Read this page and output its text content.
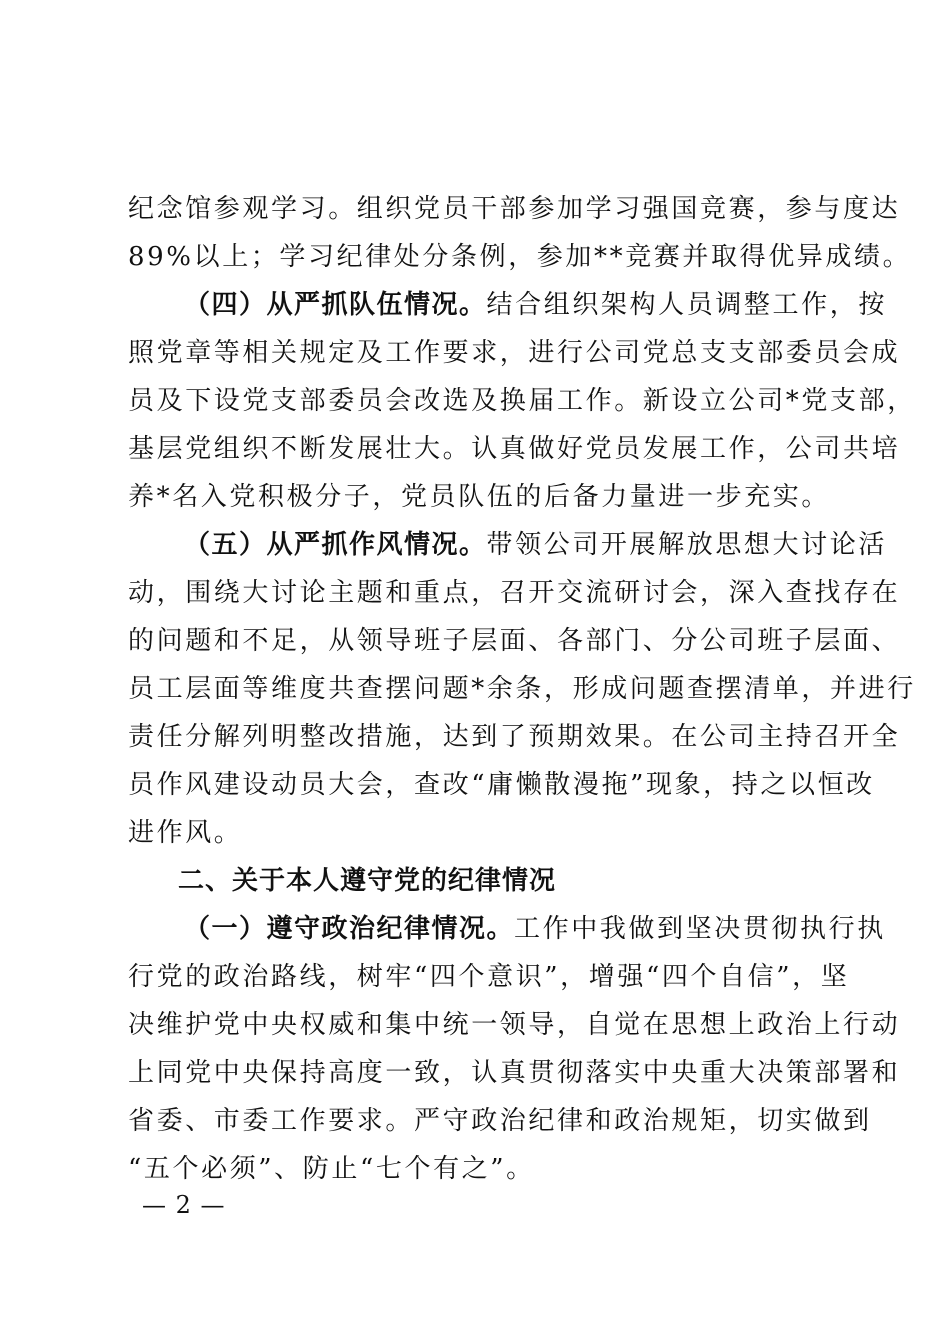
纪念馆参观学习。组织党员干部参加学习强国竞赛，参与度达
89%以上；学习纪律处分条例，参加**竞赛并取得优异成绩。
（四）从严抓队伍情况。结合组织架构人员调整工作，按
照党章等相关规定及工作要求，进行公司党总支支部委员会成
员及下设党支部委员会改选及换届工作。新设立公司*党支部，
基层党组织不断发展壮大。认真做好党员发展工作，公司共培
养*名入党积极分子，党员队伍的后备力量进一步充实。
（五）从严抓作风情况。带领公司开展解放思想大讨论活
动，围绕大讨论主题和重点，召开交流研讨会，深入查找存在
的问题和不足，从领导班子层面、各部门、分公司班子层面、
员工层面等维度共查摆问题*余条，形成问题查摆清单，并进行
责任分解列明整改措施，达到了预期效果。在公司主持召开全
员作风建设动员大会，查改“庸懒散漫拖”现象，持之以恒改
进作风。
二、关于本人遵守党的纪律情况
（一）遵守政治纪律情况。工作中我做到坚决贯彻执行执
行党的政治路线，树牢“四个意识”，增强“四个自信”，坚
决维护党中央权威和集中统一领导，自觉在思想上政治上行动
上同党中央保持高度一致，认真贯彻落实中央重大决策部署和
省委、市委工作要求。严守政治纪律和政治规矩，切实做到
“五个必须”、防止“七个有之”。
— 2 —
